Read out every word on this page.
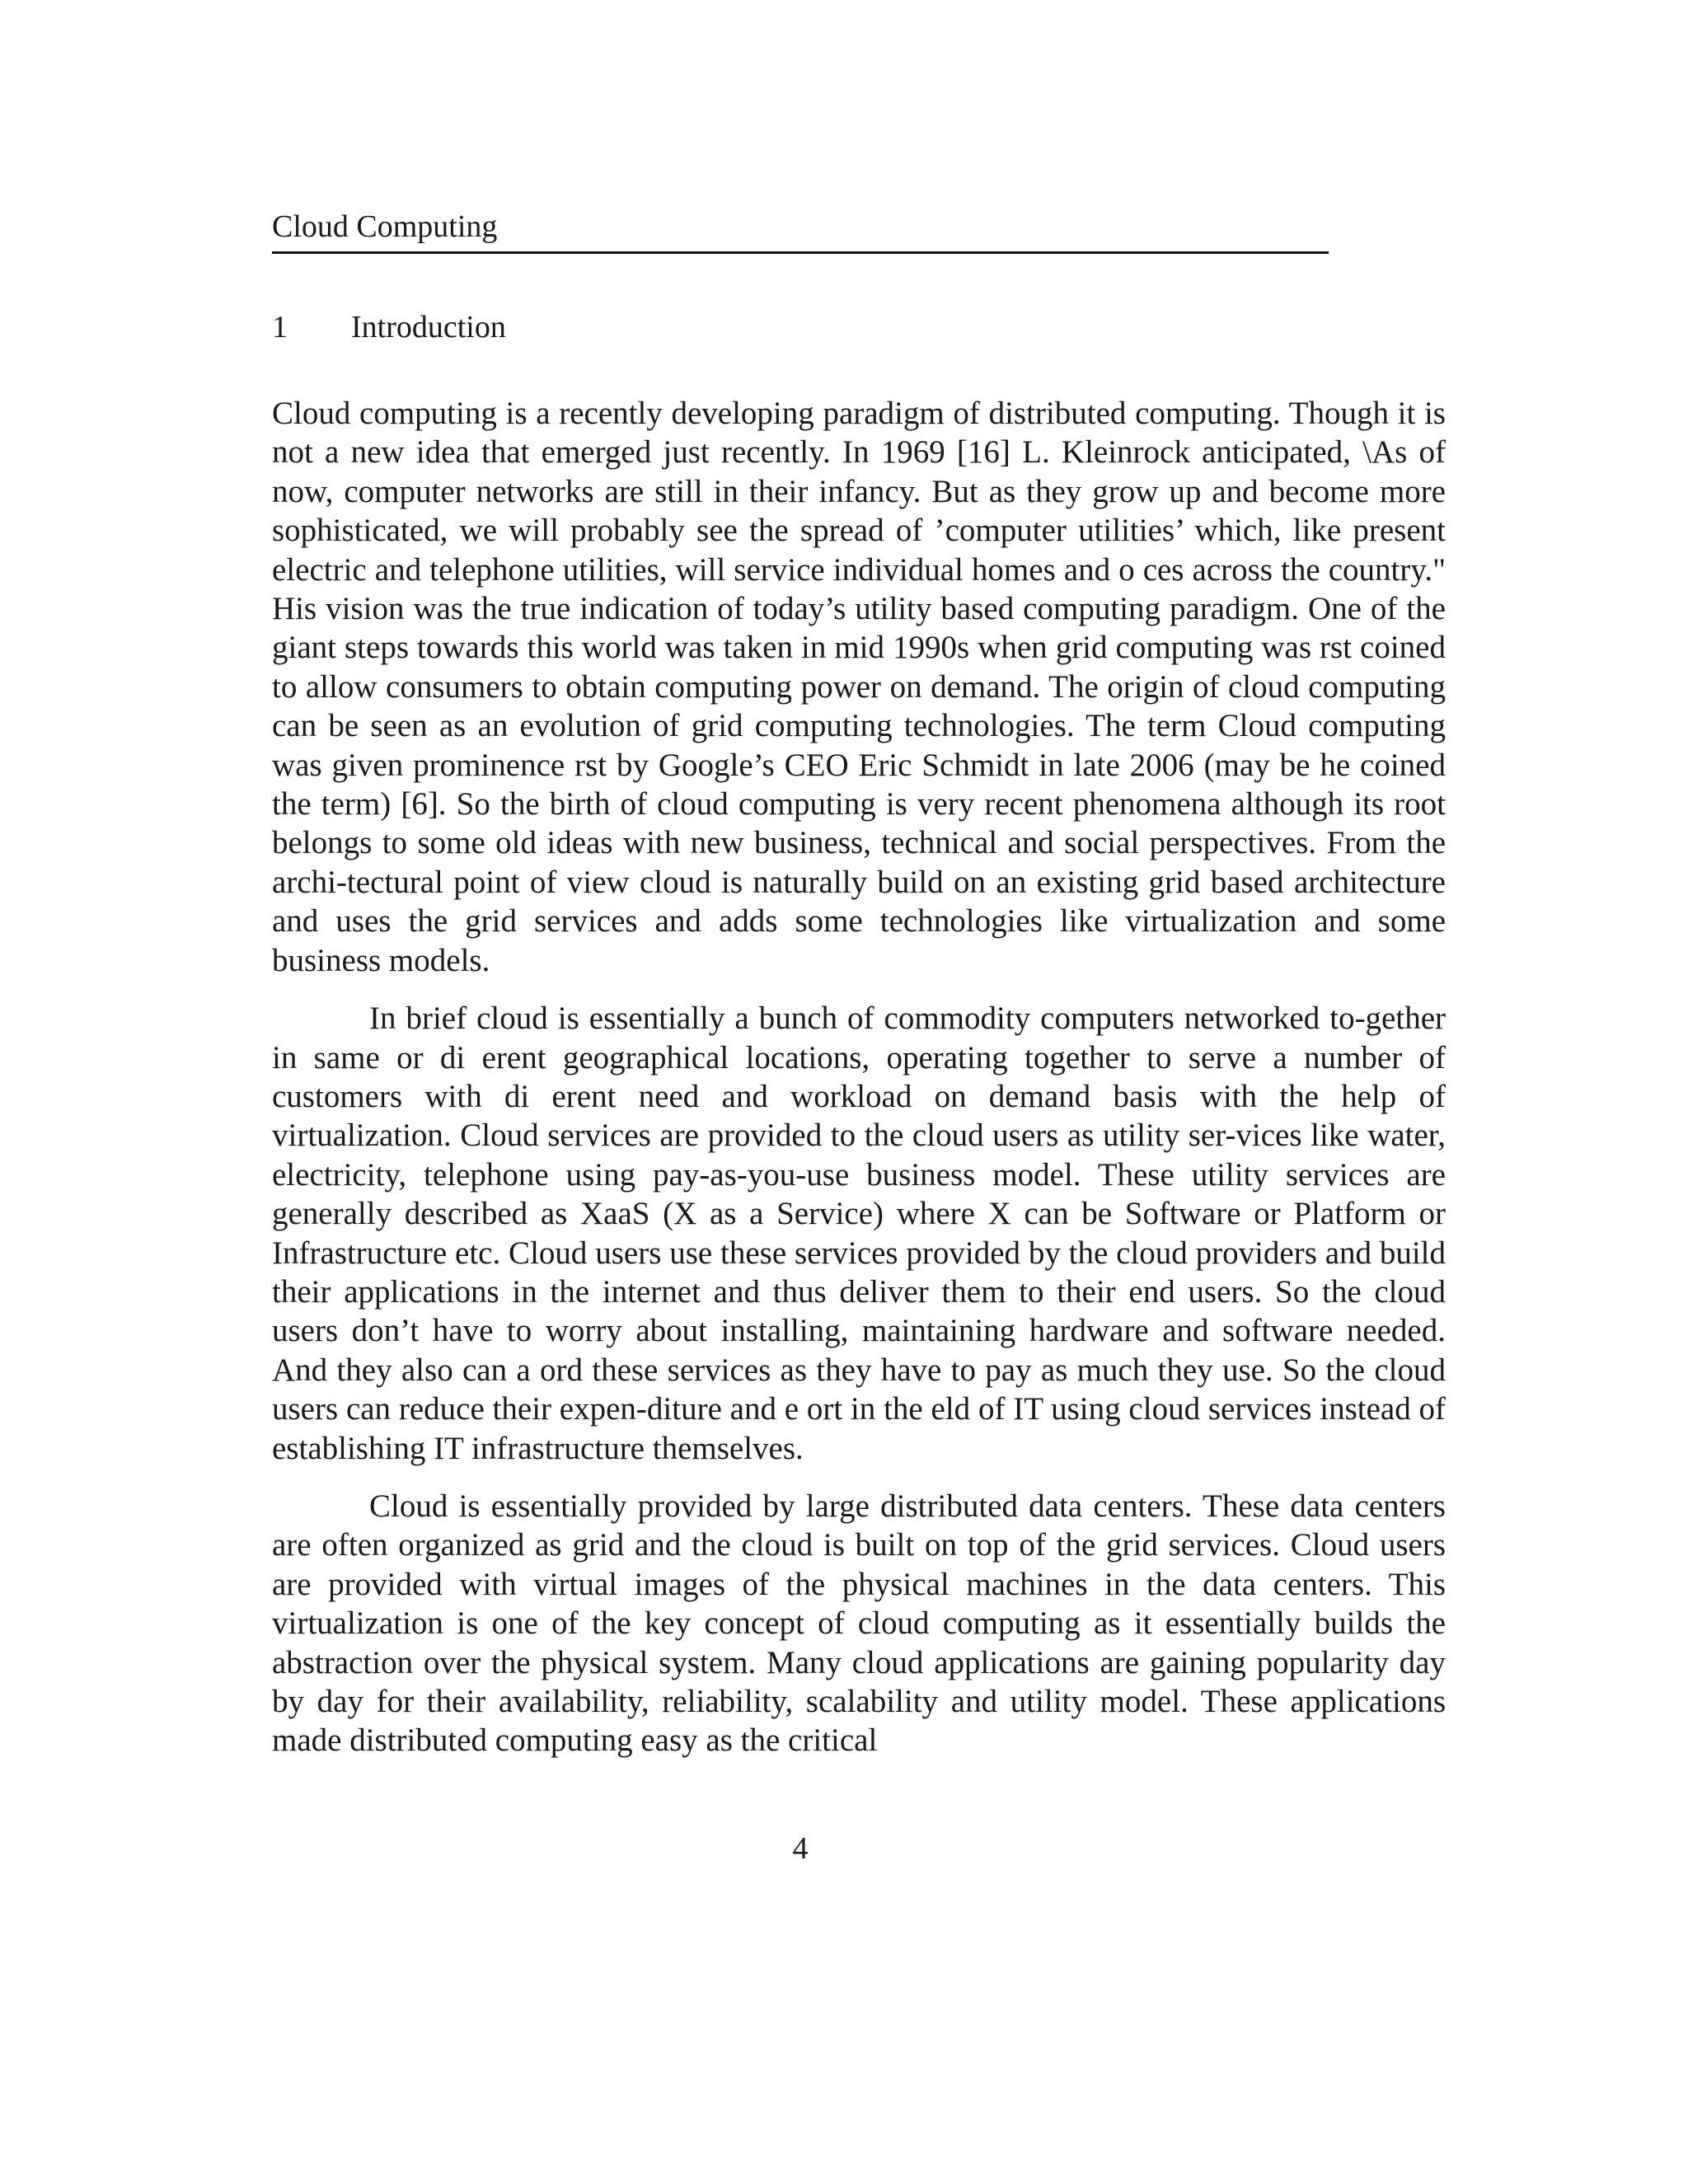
Cloud Computing
1 Introduction

Cloud computing is a recently developing paradigm of distributed computing. Though it is not a new idea that emerged just recently. In 1969 [16] L. Kleinrock anticipated, \As of now, computer networks are still in their infancy. But as they grow up and become more sophisticated, we will probably see the spread of ’computer utilities’ which, like present electric and telephone utilities, will service individual homes and o ces across the country." His vision was the true indication of today’s utility based computing paradigm. One of the giant steps towards this world was taken in mid 1990s when grid computing was rst coined to allow consumers to obtain computing power on demand. The origin of cloud computing can be seen as an evolution of grid computing technologies. The term Cloud computing was given prominence rst by Google’s CEO Eric Schmidt in late 2006 (may be he coined the term) [6]. So the birth of cloud computing is very recent phenomena although its root belongs to some old ideas with new business, technical and social perspectives. From the archi-tectural point of view cloud is naturally build on an existing grid based architecture and uses the grid services and adds some technologies like virtualization and some business models.

In brief cloud is essentially a bunch of commodity computers networked to-gether in same or di erent geographical locations, operating together to serve a number of customers with di erent need and workload on demand basis with the help of virtualization. Cloud services are provided to the cloud users as utility ser-vices like water, electricity, telephone using pay-as-you-use business model. These utility services are generally described as XaaS (X as a Service) where X can be Software or Platform or Infrastructure etc. Cloud users use these services provided by the cloud providers and build their applications in the internet and thus deliver them to their end users. So the cloud users don’t have to worry about installing, maintaining hardware and software needed. And they also can a ord these services as they have to pay as much they use. So the cloud users can reduce their expen-diture and e ort in the eld of IT using cloud services instead of establishing IT infrastructure themselves.

Cloud is essentially provided by large distributed data centers. These data centers are often organized as grid and the cloud is built on top of the grid services. Cloud users are provided with virtual images of the physical machines in the data centers. This virtualization is one of the key concept of cloud computing as it essentially builds the abstraction over the physical system. Many cloud applications are gaining popularity day by day for their availability, reliability, scalability and utility model. These applications made distributed computing easy as the critical

4
